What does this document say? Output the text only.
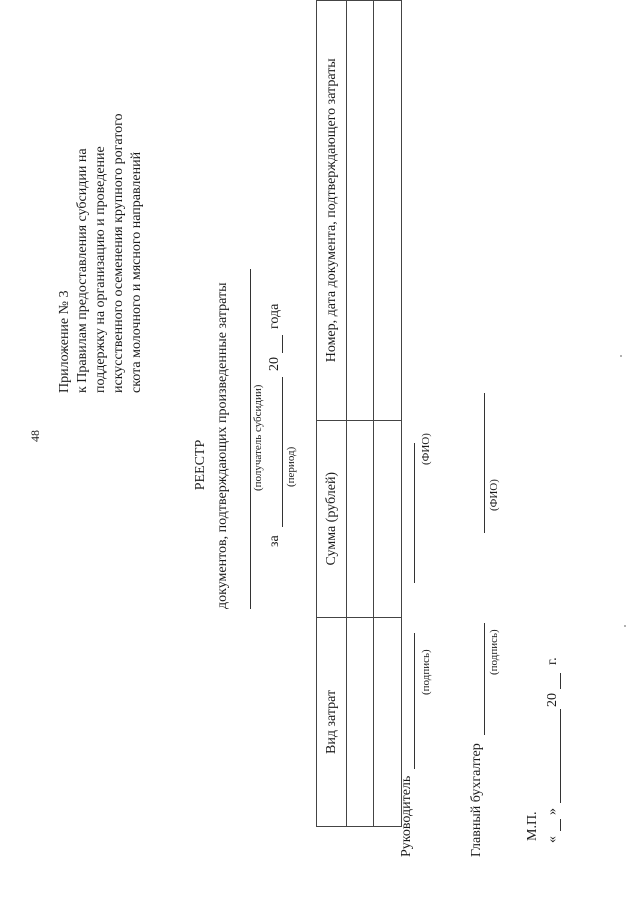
48
Приложение № 3 к Правилам предоставления субсидии на поддержку на организацию и проведение искусственного осеменения крупного рогатого скота молочного и мясного направлений
РЕЕСТР документов, подтверждающих произведенные затраты (получатель субсидии)
за
20
года
(период)
Вид затрат	Сумма (рублей)	Номер, дата документа, подтверждающего затраты

Руководитель
(подпись)
(ФИО)
Главный бухгалтер
(подпись)
(ФИО)
М.П. «
»
20
г.
